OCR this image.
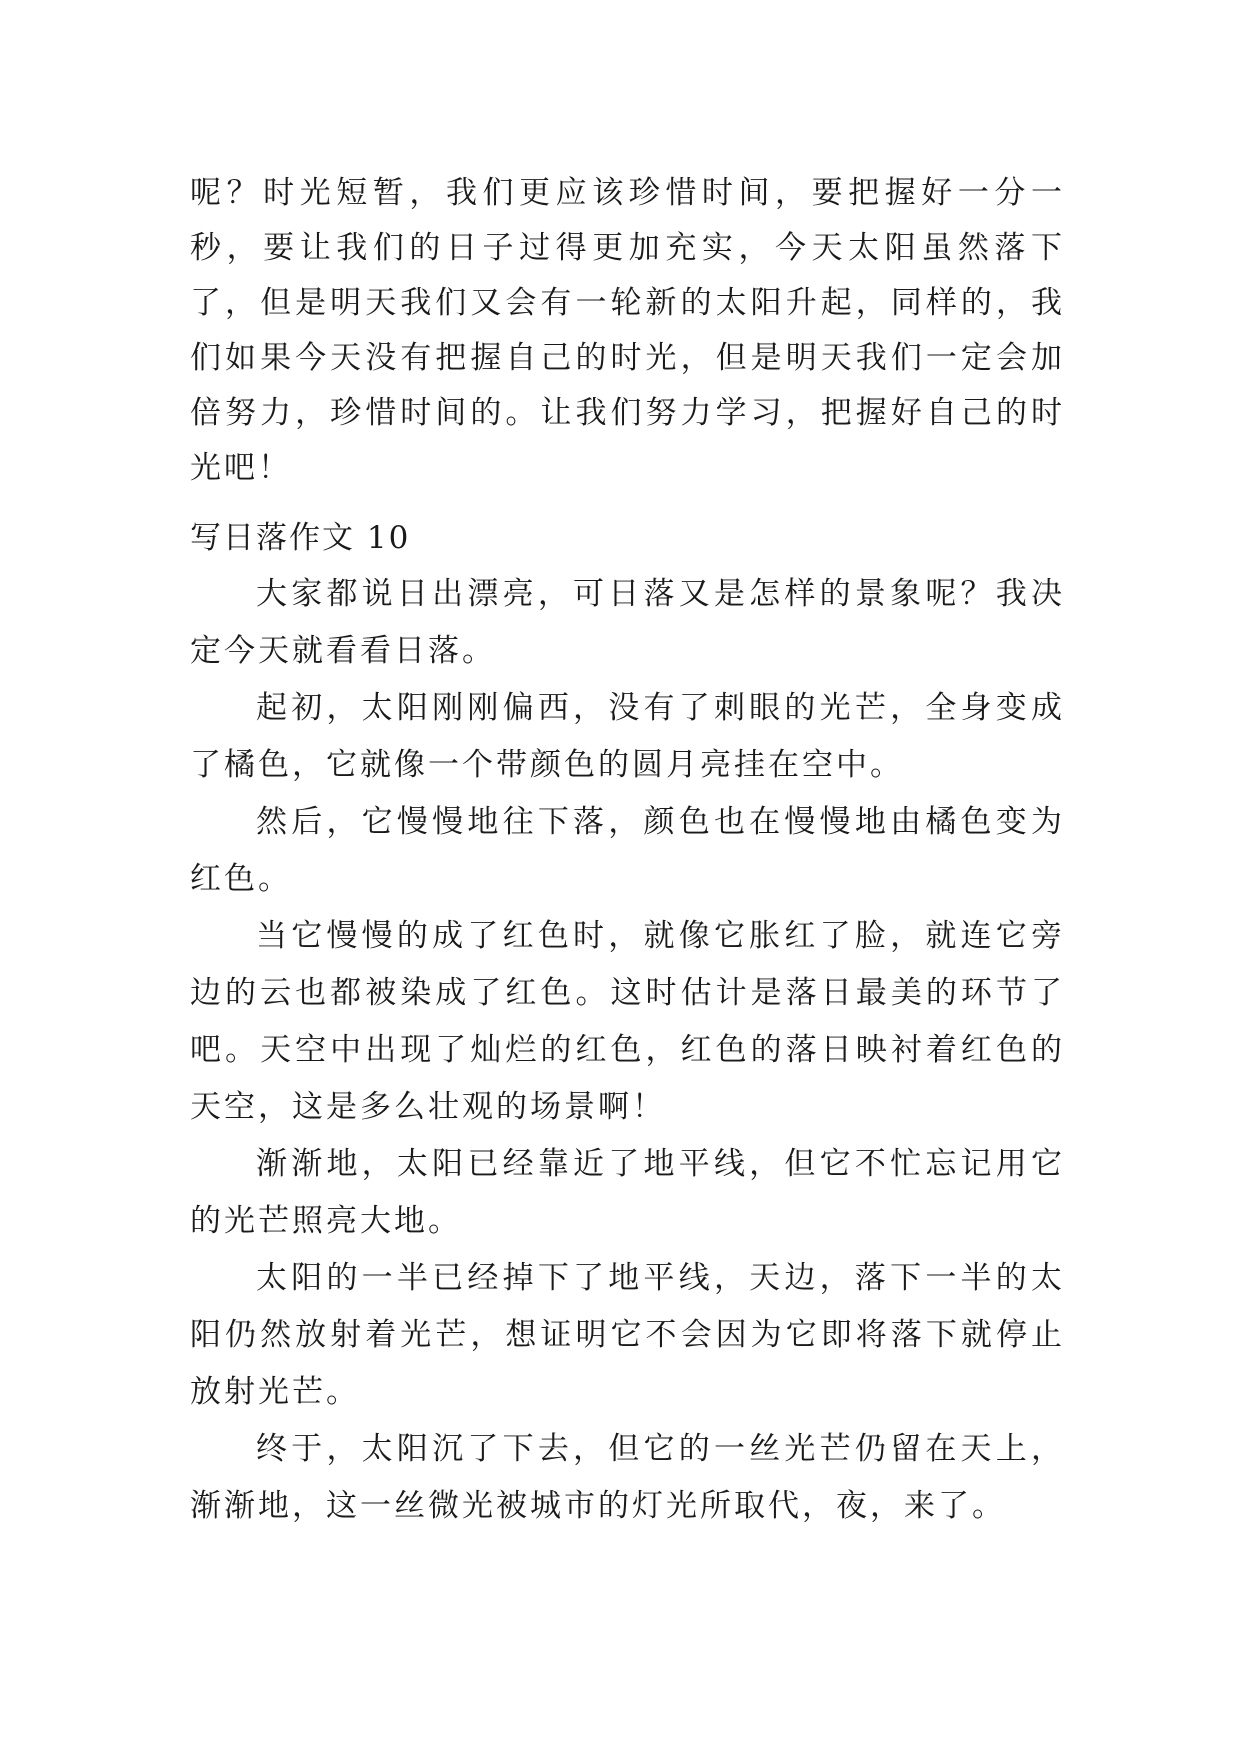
呢？时光短暂，我们更应该珍惜时间，要把握好一分一秒，要让我们的日子过得更加充实，今天太阳虽然落下了，但是明天我们又会有一轮新的太阳升起，同样的，我们如果今天没有把握自己的时光，但是明天我们一定会加倍努力，珍惜时间的。让我们努力学习，把握好自己的时光吧！

写日落作文 10

大家都说日出漂亮，可日落又是怎样的景象呢？我决定今天就看看日落。

起初，太阳刚刚偏西，没有了刺眼的光芒，全身变成了橘色，它就像一个带颜色的圆月亮挂在空中。

然后，它慢慢地往下落，颜色也在慢慢地由橘色变为红色。

当它慢慢的成了红色时，就像它胀红了脸，就连它旁边的云也都被染成了红色。这时估计是落日最美的环节了吧。天空中出现了灿烂的红色，红色的落日映衬着红色的天空，这是多么壮观的场景啊！

渐渐地，太阳已经靠近了地平线，但它不忙忘记用它的光芒照亮大地。

太阳的一半已经掉下了地平线，天边，落下一半的太阳仍然放射着光芒，想证明它不会因为它即将落下就停止放射光芒。

终于，太阳沉了下去，但它的一丝光芒仍留在天上，渐渐地，这一丝微光被城市的灯光所取代，夜，来了。
